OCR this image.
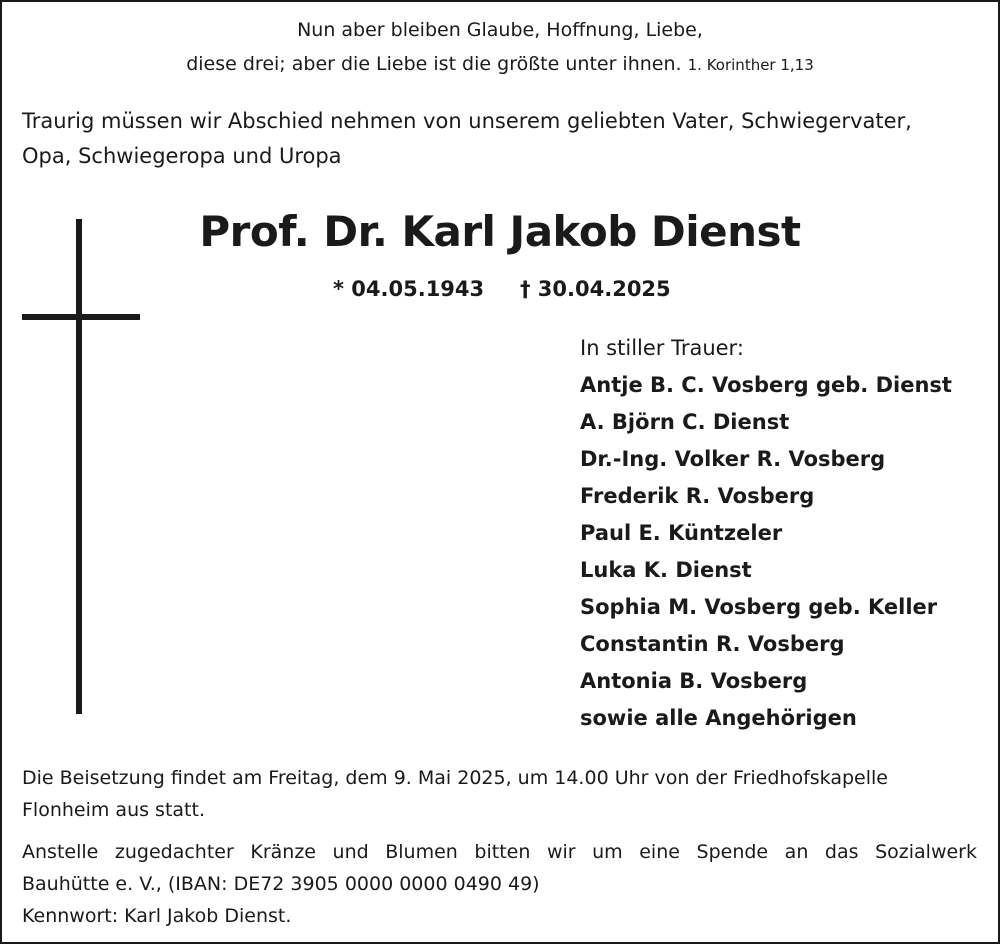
Nun aber bleiben Glaube, Hoffnung, Liebe,
diese drei; aber die Liebe ist die größte unter ihnen. 1. Korinther 1,13
Traurig müssen wir Abschied nehmen von unserem geliebten Vater, Schwiegervater,
Opa, Schwiegeropa und Uropa
Prof. Dr. Karl Jakob Dienst
* 04.05.1943 † 30.04.2025
In stiller Trauer:
Antje B. C. Vosberg geb. Dienst
A. Björn C. Dienst
Dr.-Ing. Volker R. Vosberg
Frederik R. Vosberg
Paul E. Küntzeler
Luka K. Dienst
Sophia M. Vosberg geb. Keller
Constantin R. Vosberg
Antonia B. Vosberg
sowie alle Angehörigen
Die Beisetzung findet am Freitag, dem 9. Mai 2025, um 14.00 Uhr von der Friedhofskapelle
Flonheim aus statt.
Anstelle zugedachter Kränze und Blumen bitten wir um eine Spende an das Sozialwerk
Bauhütte e. V., (IBAN: DE72 3905 0000 0000 0490 49)
Kennwort: Karl Jakob Dienst.
